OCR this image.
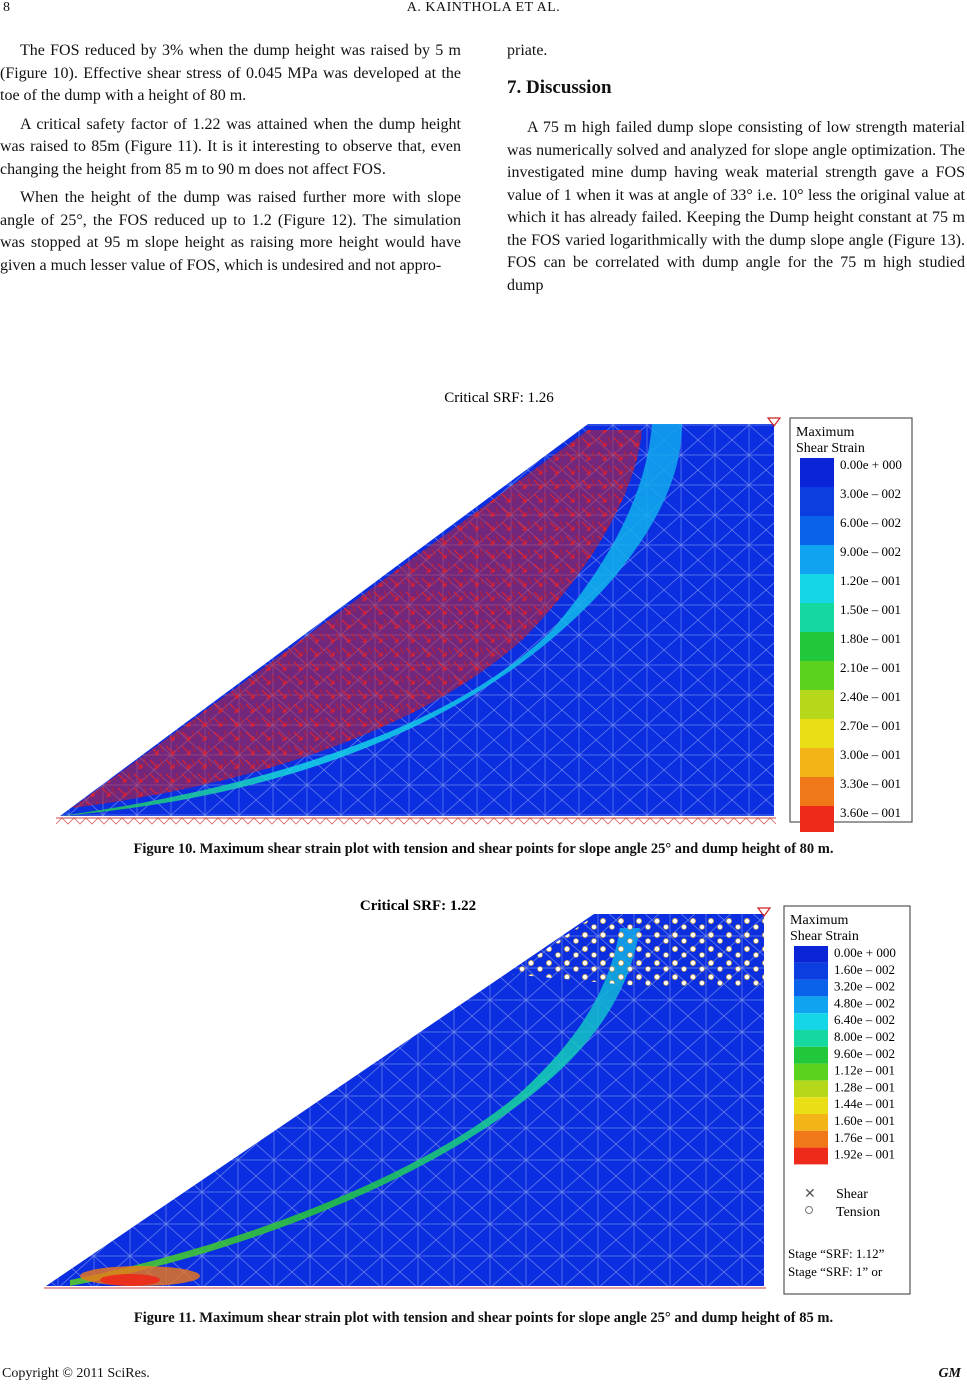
8	A. KAINTHOLA ET AL.

The FOS reduced by 3% when the dump height was raised by 5 m (Figure 10). Effective shear stress of 0.045 MPa was developed at the toe of the dump with a height of 80 m.

A critical safety factor of 1.22 was attained when the dump height was raised to 85m (Figure 11). It is it interesting to observe that, even changing the height from 85 m to 90 m does not affect FOS.

When the height of the dump was raised further more with slope angle of 25°, the FOS reduced up to 1.2 (Figure 12). The simulation was stopped at 95 m slope height as raising more height would have given a much lesser value of FOS, which is undesired and not appro-

priate.

7. Discussion

A 75 m high failed dump slope consisting of low strength material was numerically solved and analyzed for slope angle optimization. The investigated mine dump having weak material strength gave a FOS value of 1 when it was at angle of 33° i.e. 10° less the original value at which it has already failed. Keeping the Dump height constant at 75 m the FOS varied logarithmically with the dump slope angle (Figure 13). FOS can be correlated with dump angle for the 75 m high studied dump

Critical SRF: 1.26
Maximum
Shear Strain
0.00e + 000
3.00e – 002
6.00e – 002
9.00e – 002
1.20e – 001
1.50e – 001
1.80e – 001
2.10e – 001
2.40e – 001
2.70e – 001
3.00e – 001
3.30e – 001
3.60e – 001
Figure 10. Maximum shear strain plot with tension and shear points for slope angle 25° and dump height of 80 m.
Critical SRF: 1.22
Maximum
Shear Strain
0.00e + 000
1.60e – 002
3.20e – 002
4.80e – 002
6.40e – 002
8.00e – 002
9.60e – 002
1.12e – 001
1.28e – 001
1.44e – 001
1.60e – 001
1.76e – 001
1.92e – 001
✕ Shear
Tension
Stage “SRF: 1.12”
Stage “SRF: 1” or
Figure 11. Maximum shear strain plot with tension and shear points for slope angle 25° and dump height of 85 m.
Copyright © 2011 SciRes.	GM
